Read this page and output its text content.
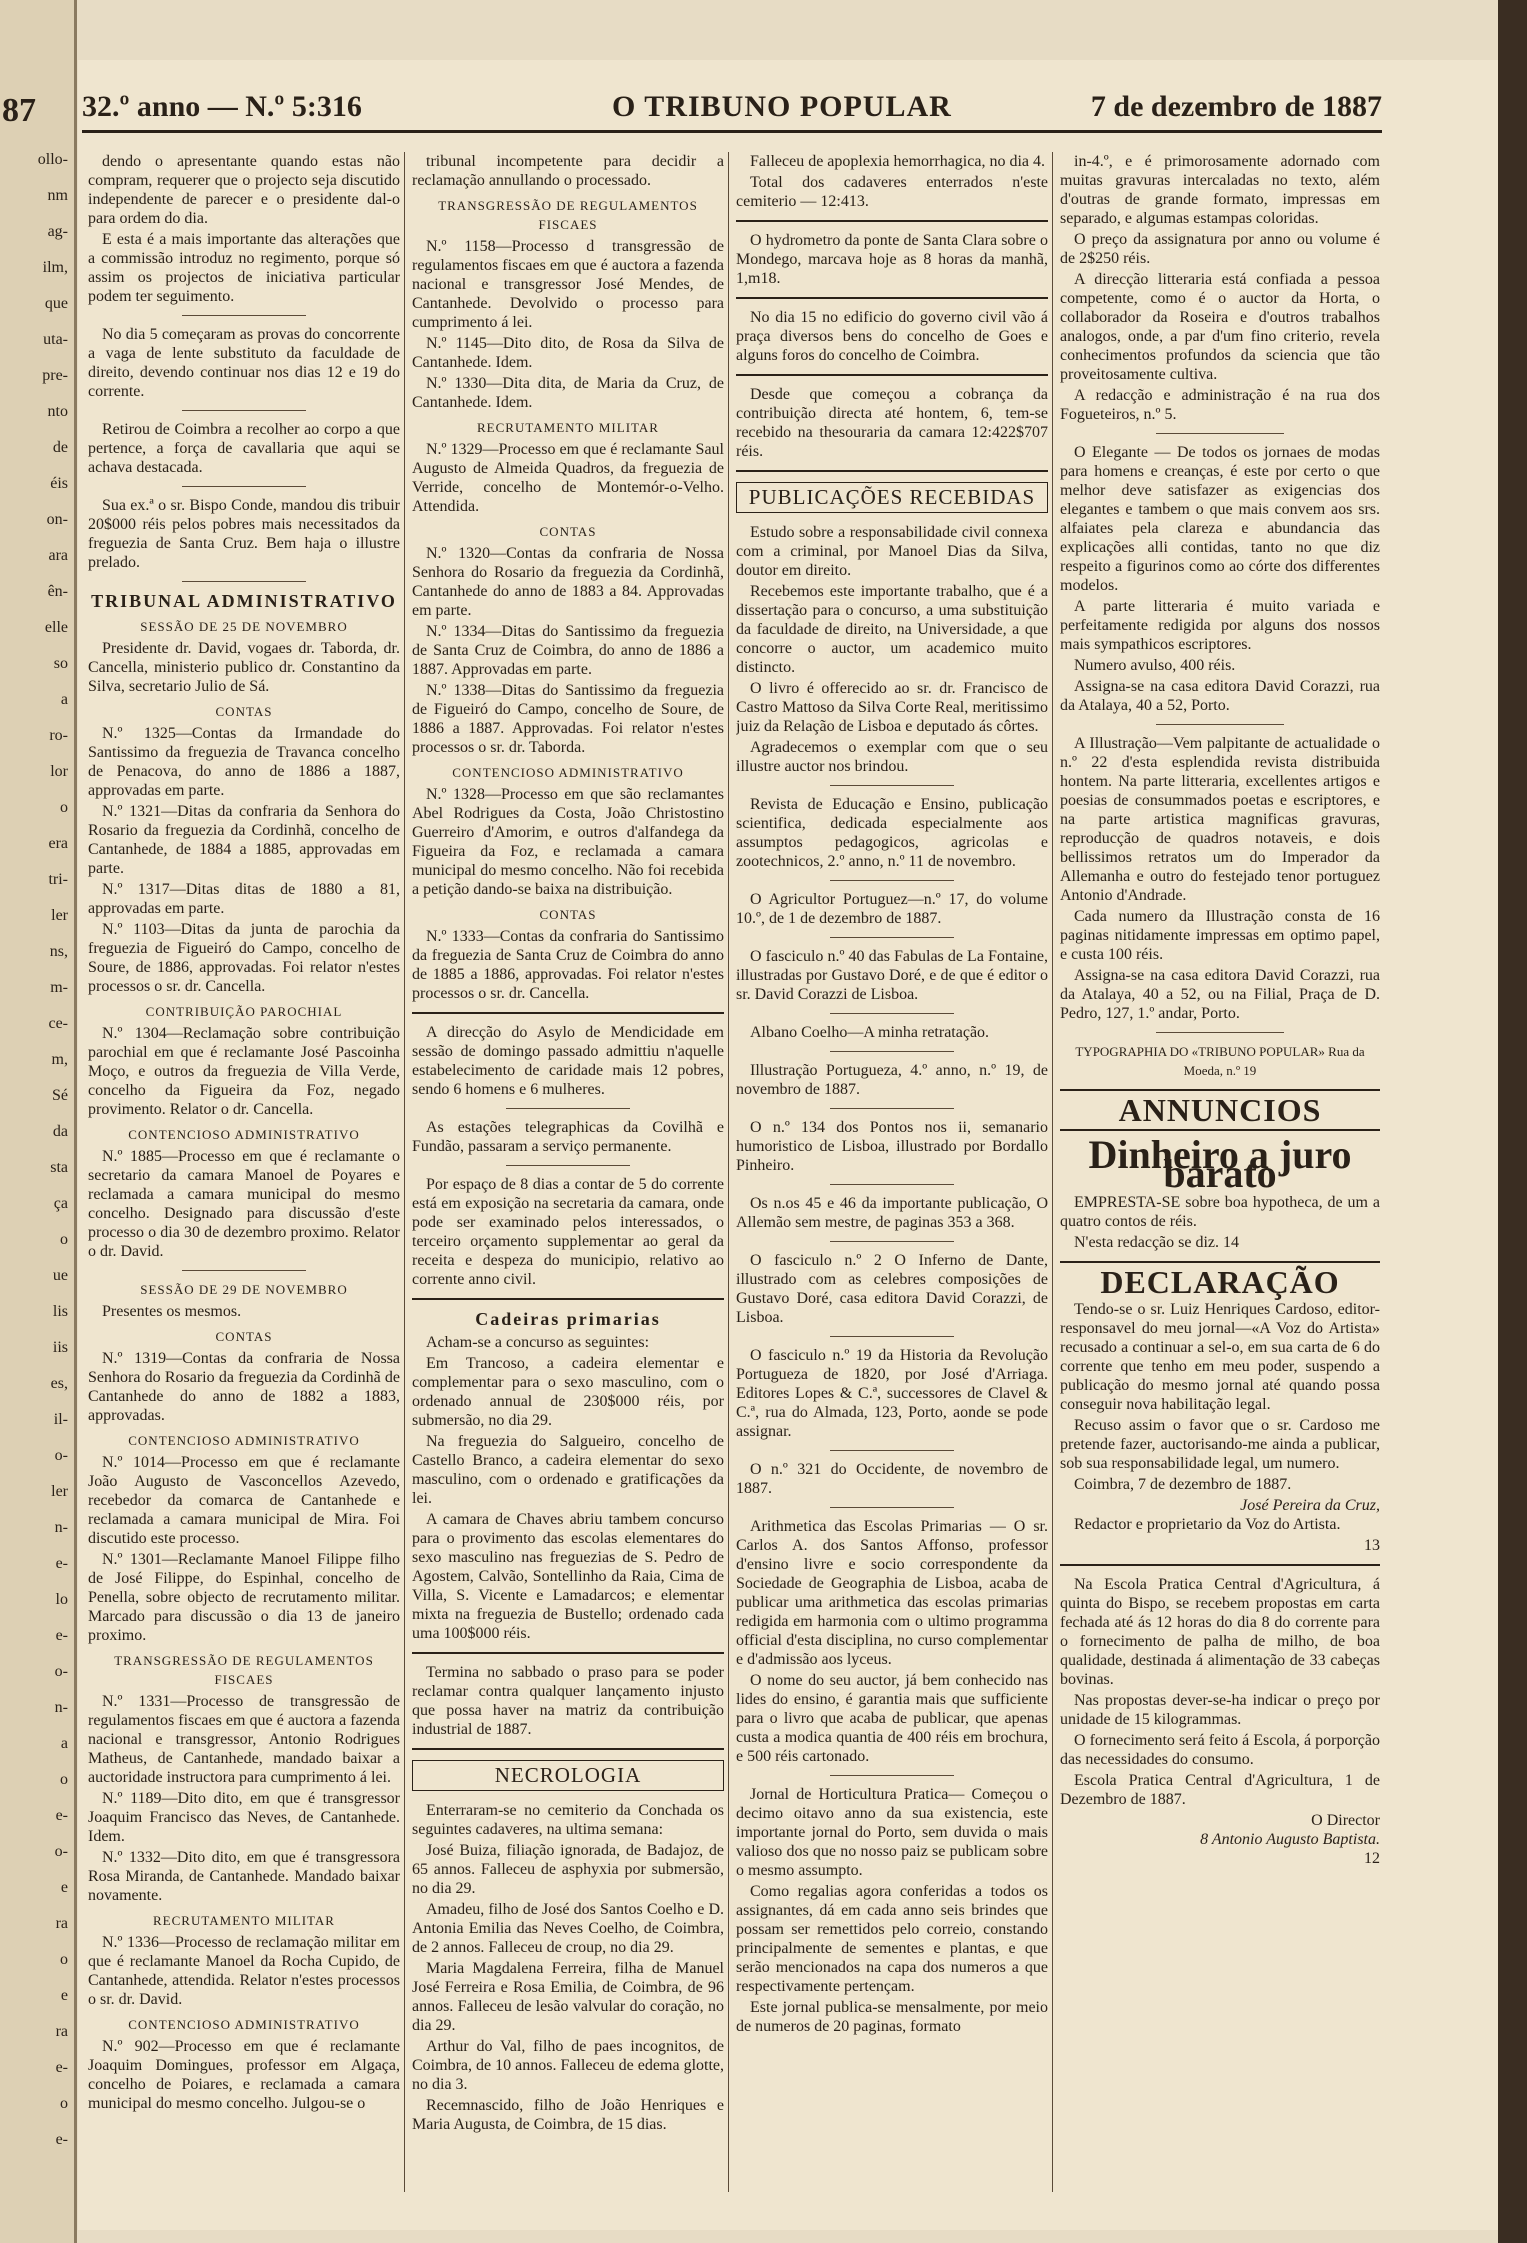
87
ollo-
nm
ag-
ilm,
que
uta-
pre-
nto
de
éis
on-
ara
ên-
elle
so
a
ro-
lor
o
era
tri-
ler
ns,
m-
ce-
m,
Sé
da
sta
ça
o
ue
lis
iis
es,
il-
o-
ler
n-
e-
lo
e-
o-
n-
a
o
e-
o-
e
ra
o
e
ra
e-
o
e-
32.º anno — N.º 5:316	O TRIBUNO POPULAR	7 de dezembro de 1887

dendo o apresentante quando estas não compram, requerer que o projecto seja discutido independente de parecer e o presidente dal-o para ordem do dia.

E esta é a mais importante das alterações que a commissão introduz no regimento, porque só assim os projectos de iniciativa particular podem ter seguimento.

No dia 5 começaram as provas do concorrente a vaga de lente substituto da faculdade de direito, devendo continuar nos dias 12 e 19 do corrente.

Retirou de Coimbra a recolher ao corpo a que pertence, a força de cavallaria que aqui se achava destacada.

Sua ex.ª o sr. Bispo Conde, mandou dis tribuir 20$000 réis pelos pobres mais necessitados da freguezia de Santa Cruz. Bem haja o illustre prelado.

TRIBUNAL ADMINISTRATIVO
SESSÃO DE 25 DE NOVEMBRO

Presidente dr. David, vogaes dr. Taborda, dr. Cancella, ministerio publico dr. Constantino da Silva, secretario Julio de Sá.

CONTAS

N.º 1325—Contas da Irmandade do Santissimo da freguezia de Travanca concelho de Penacova, do anno de 1886 a 1887, approvadas em parte.

N.º 1321—Ditas da confraria da Senhora do Rosario da freguezia da Cordinhã, concelho de Cantanhede, de 1884 a 1885, approvadas em parte.

N.º 1317—Ditas ditas de 1880 a 81, approvadas em parte.

N.º 1103—Ditas da junta de parochia da freguezia de Figueiró do Campo, concelho de Soure, de 1886, approvadas. Foi relator n'estes processos o sr. dr. Cancella.

CONTRIBUIÇÃO PAROCHIAL

N.º 1304—Reclamação sobre contribuição parochial em que é reclamante José Pascoinha Moço, e outros da freguezia de Villa Verde, concelho da Figueira da Foz, negado provimento. Relator o dr. Cancella.

CONTENCIOSO ADMINISTRATIVO

N.º 1885—Processo em que é reclamante o secretario da camara Manoel de Poyares e reclamada a camara municipal do mesmo concelho. Designado para discussão d'este processo o dia 30 de dezembro proximo. Relator o dr. David.

SESSÃO DE 29 DE NOVEMBRO

Presentes os mesmos.

CONTAS

N.º 1319—Contas da confraria de Nossa Senhora do Rosario da freguezia da Cordinhã de Cantanhede do anno de 1882 a 1883, approvadas.

CONTENCIOSO ADMINISTRATIVO

N.º 1014—Processo em que é reclamante João Augusto de Vasconcellos Azevedo, recebedor da comarca de Cantanhede e reclamada a camara municipal de Mira. Foi discutido este processo.

N.º 1301—Reclamante Manoel Filippe filho de José Filippe, do Espinhal, concelho de Penella, sobre objecto de recrutamento militar. Marcado para discussão o dia 13 de janeiro proximo.

TRANSGRESSÃO DE REGULAMENTOS FISCAES

N.º 1331—Processo de transgressão de regulamentos fiscaes em que é auctora a fazenda nacional e transgressor, Antonio Rodrigues Matheus, de Cantanhede, mandado baixar a auctoridade instructora para cumprimento á lei.

N.º 1189—Dito dito, em que é transgressor Joaquim Francisco das Neves, de Cantanhede. Idem.

N.º 1332—Dito dito, em que é transgressora Rosa Miranda, de Cantanhede. Mandado baixar novamente.

RECRUTAMENTO MILITAR

N.º 1336—Processo de reclamação militar em que é reclamante Manoel da Rocha Cupido, de Cantanhede, attendida. Relator n'estes processos o sr. dr. David.

CONTENCIOSO ADMINISTRATIVO

N.º 902—Processo em que é reclamante Joaquim Domingues, professor em Algaça, concelho de Poiares, e reclamada a camara municipal do mesmo concelho. Julgou-se o

tribunal incompetente para decidir a reclamação annullando o processado.

TRANSGRESSÃO DE REGULAMENTOS FISCAES

N.º 1158—Processo d transgressão de regulamentos fiscaes em que é auctora a fazenda nacional e transgressor José Mendes, de Cantanhede. Devolvido o processo para cumprimento á lei.

N.º 1145—Dito dito, de Rosa da Silva de Cantanhede. Idem.

N.º 1330—Dita dita, de Maria da Cruz, de Cantanhede. Idem.

RECRUTAMENTO MILITAR

N.º 1329—Processo em que é reclamante Saul Augusto de Almeida Quadros, da freguezia de Verride, concelho de Montemór-o-Velho. Attendida.

CONTAS

N.º 1320—Contas da confraria de Nossa Senhora do Rosario da freguezia da Cordinhã, Cantanhede do anno de 1883 a 84. Approvadas em parte.

N.º 1334—Ditas do Santissimo da freguezia de Santa Cruz de Coimbra, do anno de 1886 a 1887. Approvadas em parte.

N.º 1338—Ditas do Santissimo da freguezia de Figueiró do Campo, concelho de Soure, de 1886 a 1887. Approvadas. Foi relator n'estes processos o sr. dr. Taborda.

CONTENCIOSO ADMINISTRATIVO

N.º 1328—Processo em que são reclamantes Abel Rodrigues da Costa, João Christostino Guerreiro d'Amorim, e outros d'alfandega da Figueira da Foz, e reclamada a camara municipal do mesmo concelho. Não foi recebida a petição dando-se baixa na distribuição.

CONTAS

N.º 1333—Contas da confraria do Santissimo da freguezia de Santa Cruz de Coimbra do anno de 1885 a 1886, approvadas. Foi relator n'estes processos o sr. dr. Cancella.

A direcção do Asylo de Mendicidade em sessão de domingo passado admittiu n'aquelle estabelecimento de caridade mais 12 pobres, sendo 6 homens e 6 mulheres.

As estações telegraphicas da Covilhã e Fundão, passaram a serviço permanente.

Por espaço de 8 dias a contar de 5 do corrente está em exposição na secretaria da camara, onde pode ser examinado pelos interessados, o terceiro orçamento supplementar ao geral da receita e despeza do municipio, relativo ao corrente anno civil.

Cadeiras primarias

Acham-se a concurso as seguintes:

Em Trancoso, a cadeira elementar e complementar para o sexo masculino, com o ordenado annual de 230$000 réis, por submersão, no dia 29.

Na freguezia do Salgueiro, concelho de Castello Branco, a cadeira elementar do sexo masculino, com o ordenado e gratificações da lei.

A camara de Chaves abriu tambem concurso para o provimento das escolas elementares do sexo masculino nas freguezias de S. Pedro de Agostem, Calvão, Sontellinho da Raia, Cima de Villa, S. Vicente e Lamadarcos; e elementar mixta na freguezia de Bustello; ordenado cada uma 100$000 réis.

Termina no sabbado o praso para se poder reclamar contra qualquer lançamento injusto que possa haver na matriz da contribuição industrial de 1887.

NECROLOGIA

Enterraram-se no cemiterio da Conchada os seguintes cadaveres, na ultima semana:

José Buiza, filiação ignorada, de Badajoz, de 65 annos. Falleceu de asphyxia por submersão, no dia 29.

Amadeu, filho de José dos Santos Coelho e D. Antonia Emilia das Neves Coelho, de Coimbra, de 2 annos. Falleceu de croup, no dia 29.

Maria Magdalena Ferreira, filha de Manuel José Ferreira e Rosa Emilia, de Coimbra, de 96 annos. Falleceu de lesão valvular do coração, no dia 29.

Arthur do Val, filho de paes incognitos, de Coimbra, de 10 annos. Falleceu de edema glotte, no dia 3.

Recemnascido, filho de João Henriques e Maria Augusta, de Coimbra, de 15 dias.

Falleceu de apoplexia hemorrhagica, no dia 4.

Total dos cadaveres enterrados n'este cemiterio — 12:413.

O hydrometro da ponte de Santa Clara sobre o Mondego, marcava hoje as 8 horas da manhã, 1,m18.

No dia 15 no edificio do governo civil vão á praça diversos bens do concelho de Goes e alguns foros do concelho de Coimbra.

Desde que começou a cobrança da contribuição directa até hontem, 6, tem-se recebido na thesouraria da camara 12:422$707 réis.

PUBLICAÇÕES RECEBIDAS

Estudo sobre a responsabilidade civil connexa com a criminal, por Manoel Dias da Silva, doutor em direito.

Recebemos este importante trabalho, que é a dissertação para o concurso, a uma substituição da faculdade de direito, na Universidade, a que concorre o auctor, um academico muito distincto.

O livro é offerecido ao sr. dr. Francisco de Castro Mattoso da Silva Corte Real, meritissimo juiz da Relação de Lisboa e deputado ás côrtes.

Agradecemos o exemplar com que o seu illustre auctor nos brindou.

Revista de Educação e Ensino, publicação scientifica, dedicada especialmente aos assumptos pedagogicos, agricolas e zootechnicos, 2.º anno, n.º 11 de novembro.

O Agricultor Portuguez—n.º 17, do volume 10.º, de 1 de dezembro de 1887.

O fasciculo n.º 40 das Fabulas de La Fontaine, illustradas por Gustavo Doré, e de que é editor o sr. David Corazzi de Lisboa.

Albano Coelho—A minha retratação.

Illustração Portugueza, 4.º anno, n.º 19, de novembro de 1887.

O n.º 134 dos Pontos nos ii, semanario humoristico de Lisboa, illustrado por Bordallo Pinheiro.

Os n.os 45 e 46 da importante publicação, O Allemão sem mestre, de paginas 353 a 368.

O fasciculo n.º 2 O Inferno de Dante, illustrado com as celebres composições de Gustavo Doré, casa editora David Corazzi, de Lisboa.

O fasciculo n.º 19 da Historia da Revolução Portugueza de 1820, por José d'Arriaga. Editores Lopes & C.ª, successores de Clavel & C.ª, rua do Almada, 123, Porto, aonde se pode assignar.

O n.º 321 do Occidente, de novembro de 1887.

Arithmetica das Escolas Primarias — O sr. Carlos A. dos Santos Affonso, professor d'ensino livre e socio correspondente da Sociedade de Geographia de Lisboa, acaba de publicar uma arithmetica das escolas primarias redigida em harmonia com o ultimo programma official d'esta disciplina, no curso complementar e d'admissão aos lyceus.

O nome do seu auctor, já bem conhecido nas lides do ensino, é garantia mais que sufficiente para o livro que acaba de publicar, que apenas custa a modica quantia de 400 réis em brochura, e 500 réis cartonado.

Jornal de Horticultura Pratica— Começou o decimo oitavo anno da sua existencia, este importante jornal do Porto, sem duvida o mais valioso dos que no nosso paiz se publicam sobre o mesmo assumpto.

Como regalias agora conferidas a todos os assignantes, dá em cada anno seis brindes que possam ser remettidos pelo correio, constando principalmente de sementes e plantas, e que serão mencionados na capa dos numeros a que respectivamente pertençam.

Este jornal publica-se mensalmente, por meio de numeros de 20 paginas, formato

in-4.º, e é primorosamente adornado com muitas gravuras intercaladas no texto, além d'outras de grande formato, impressas em separado, e algumas estampas coloridas.

O preço da assignatura por anno ou volume é de 2$250 réis.

A direcção litteraria está confiada a pessoa competente, como é o auctor da Horta, o collaborador da Roseira e d'outros trabalhos analogos, onde, a par d'um fino criterio, revela conhecimentos profundos da sciencia que tão proveitosamente cultiva.

A redacção e administração é na rua dos Fogueteiros, n.º 5.

O Elegante — De todos os jornaes de modas para homens e creanças, é este por certo o que melhor deve satisfazer as exigencias dos elegantes e tambem o que mais convem aos srs. alfaiates pela clareza e abundancia das explicações alli contidas, tanto no que diz respeito a figurinos como ao córte dos differentes modelos.

A parte litteraria é muito variada e perfeitamente redigida por alguns dos nossos mais sympathicos escriptores.

Numero avulso, 400 réis.

Assigna-se na casa editora David Corazzi, rua da Atalaya, 40 a 52, Porto.

A Illustração—Vem palpitante de actualidade o n.º 22 d'esta esplendida revista distribuida hontem. Na parte litteraria, excellentes artigos e poesias de consummados poetas e escriptores, e na parte artistica magnificas gravuras, reproducção de quadros notaveis, e dois bellissimos retratos um do Imperador da Allemanha e outro do festejado tenor portuguez Antonio d'Andrade.

Cada numero da Illustração consta de 16 paginas nitidamente impressas em optimo papel, e custa 100 réis.

Assigna-se na casa editora David Corazzi, rua da Atalaya, 40 a 52, ou na Filial, Praça de D. Pedro, 127, 1.º andar, Porto.

TYPOGRAPHIA DO «TRIBUNO POPULAR» Rua da Moeda, n.º 19
ANNUNCIOS
Dinheiro a juro barato

EMPRESTA-SE sobre boa hypotheca, de um a quatro contos de réis.

N'esta redacção se diz. 14

DECLARAÇÃO

Tendo-se o sr. Luiz Henriques Cardoso, editor-responsavel do meu jornal—«A Voz do Artista» recusado a continuar a sel-o, em sua carta de 6 do corrente que tenho em meu poder, suspendo a publicação do mesmo jornal até quando possa conseguir nova habilitação legal.

Recuso assim o favor que o sr. Cardoso me pretende fazer, auctorisando-me ainda a publicar, sob sua responsabilidade legal, um numero.

Coimbra, 7 de dezembro de 1887.

José Pereira da Cruz,

Redactor e proprietario da Voz do Artista.

13

Na Escola Pratica Central d'Agricultura, á quinta do Bispo, se recebem propostas em carta fechada até ás 12 horas do dia 8 do corrente para o fornecimento de palha de milho, de boa qualidade, destinada á alimentação de 33 cabeças bovinas.

Nas propostas dever-se-ha indicar o preço por unidade de 15 kilogrammas.

O fornecimento será feito á Escola, á porporção das necessidades do consumo.

Escola Pratica Central d'Agricultura, 1 de Dezembro de 1887.

O Director
8 Antonio Augusto Baptista.
12
